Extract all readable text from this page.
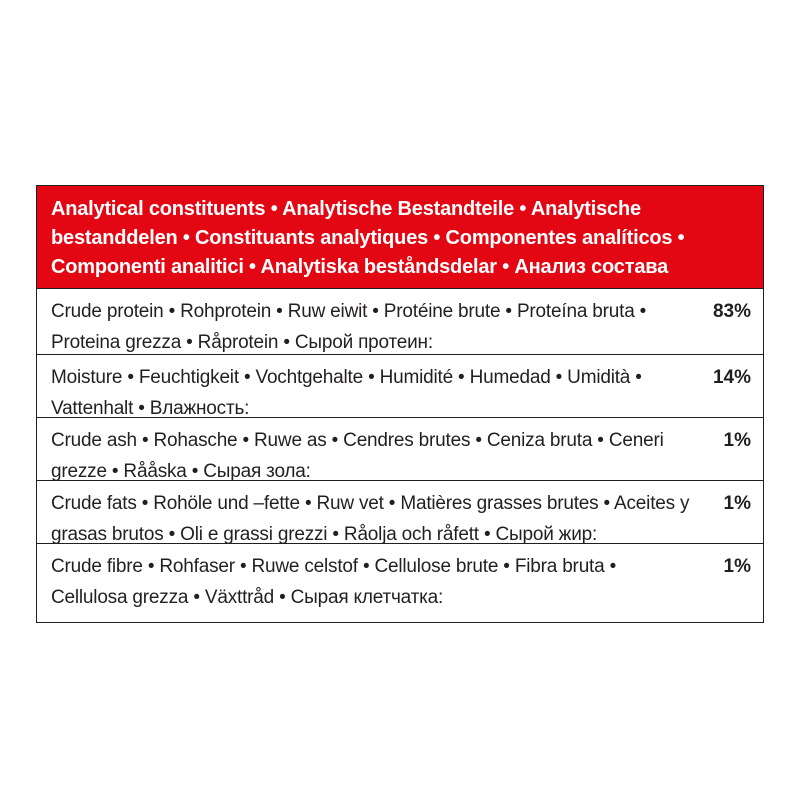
Analytical constituents • Analytische Bestandteile • Analytische bestanddelen • Constituants analytiques • Componentes analíticos • Componenti analitici • Analytiska beståndsdelar • Анализ состава
Crude protein • Rohprotein • Ruw eiwit • Protéine brute • Proteína bruta • Proteina grezza • Råprotein • Сырой протеин:
83%
Moisture • Feuchtigkeit • Vochtgehalte • Humidité • Humedad • Umidità • Vattenhalt • Влажность:
14%
Crude ash • Rohasche • Ruwe as • Cendres brutes • Ceniza bruta • Ceneri grezze • Rååska • Сырая зола:
1%
Crude fats • Rohöle und –fette • Ruw vet • Matières grasses brutes • Aceites y grasas brutos • Oli e grassi grezzi • Råolja och råfett • Сырой жир:
1%
Crude fibre • Rohfaser • Ruwe celstof • Cellulose brute • Fibra bruta • Cellulosa grezza • Växttråd • Сырая клетчатка:
1%
